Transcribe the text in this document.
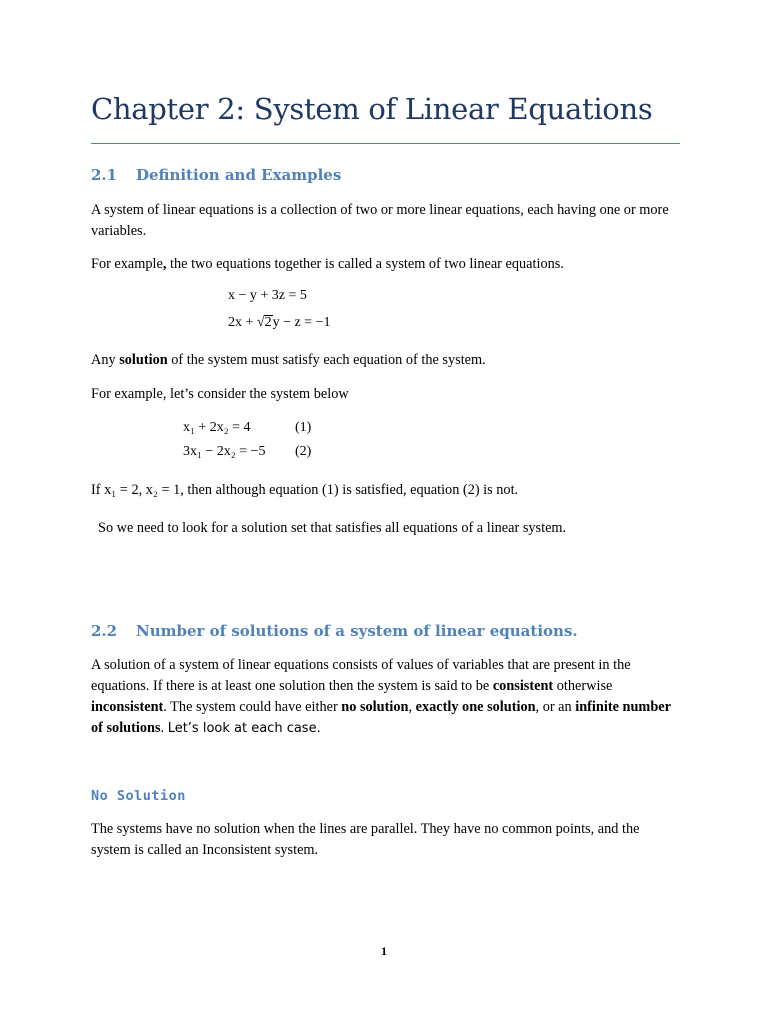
Chapter 2: System of Linear Equations
2.1 Definition and Examples
A system of linear equations is a collection of two or more linear equations, each having one or more variables.
For example, the two equations together is called a system of two linear equations.
x − y + 3z = 5
2x + √2y − z = −1
Any solution of the system must satisfy each equation of the system.
For example, let’s consider the system below
x₁ + 2x₂ = 4	(1)
3x₁ − 2x₂ = −5 (2)
If x₁ = 2, x₂ = 1, then although equation (1) is satisfied, equation (2) is not.
So we need to look for a solution set that satisfies all equations of a linear system.
2.2 Number of solutions of a system of linear equations.
A solution of a system of linear equations consists of values of variables that are present in the equations. If there is at least one solution then the system is said to be consistent otherwise inconsistent. The system could have either no solution, exactly one solution, or an infinite number of solutions. Let’s look at each case.
No Solution
The systems have no solution when the lines are parallel. They have no common points, and the system is called an Inconsistent system.
1
